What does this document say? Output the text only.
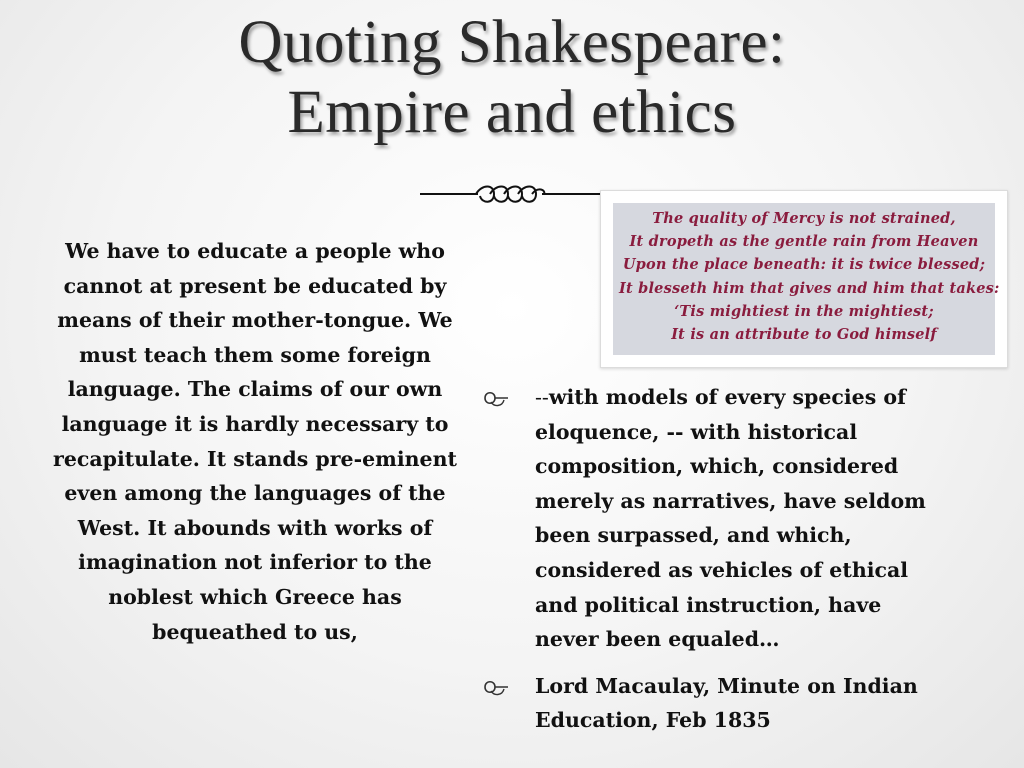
Quoting Shakespeare:
Empire and ethics
We have to educate a people who cannot at present be educated by means of their mother-tongue. We must teach them some foreign language. The claims of our own language it is hardly necessary to recapitulate. It stands pre-eminent even among the languages of the West. It abounds with works of imagination not inferior to the noblest which Greece has bequeathed to us,
The quality of Mercy is not strained,
It dropeth as the gentle rain from Heaven
Upon the place beneath: it is twice blessed;
It blesseth him that gives and him that takes:
‘Tis mightiest in the mightiest;
It is an attribute to God himself
--with models of every species of eloquence, -- with historical composition, which, considered merely as narratives, have seldom been surpassed, and which, considered as vehicles of ethical and political instruction, have never been equaled…
Lord Macaulay, Minute on Indian Education, Feb 1835
